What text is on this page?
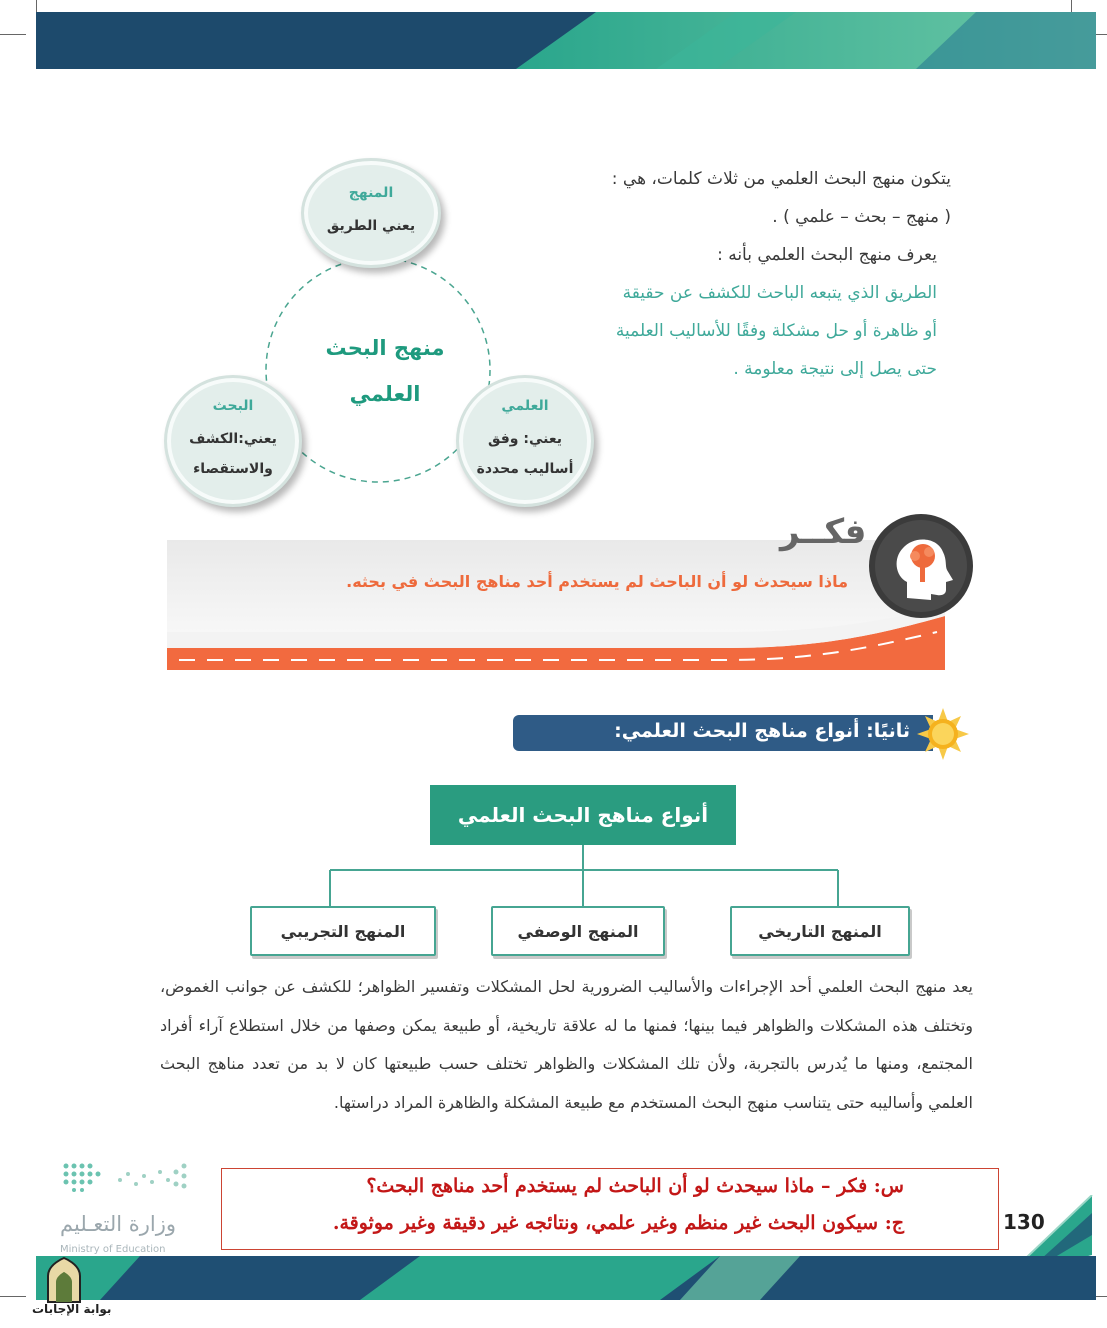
يتكون منهج البحث العلمي من ثلاث كلمات، هي :
( منهج – بحث – علمي ) .
يعرف منهج البحث العلمي بأنه :
الطريق الذي يتبعه الباحث للكشف عن حقيقة
أو ظاهرة أو حل مشكلة وفقًا للأساليب العلمية
حتى يصل إلى نتيجة معلومة .
منهج البحث
العلمي
المنهج
يعني الطريق
البحث
يعني:الكشف
والاستقصاء
العلمي
يعني: وفق
أساليب محددة
فكــر
ماذا سيحدث لو أن الباحث لم يستخدم أحد مناهج البحث في بحثه.
ثانيًا: أنواع مناهج البحث العلمي:
أنواع مناهج البحث العلمي
المنهج التاريخي
المنهج الوصفي
المنهج التجريبي
يعد منهج البحث العلمي أحد الإجراءات والأساليب الضرورية لحل المشكلات وتفسير الظواهر؛ للكشف عن جوانب الغموض، وتختلف هذه المشكلات والظواهر فيما بينها؛ فمنها ما له علاقة تاريخية، أو طبيعة يمكن وصفها من خلال استطلاع آراء أفراد المجتمع، ومنها ما يُدرس بالتجربة، ولأن تلك المشكلات والظواهر تختلف حسب طبيعتها كان لا بد من تعدد مناهج البحث العلمي وأساليبه حتى يتناسب منهج البحث المستخدم مع طبيعة المشكلة والظاهرة المراد دراستها.
س: فكر – ماذا سيحدث لو أن الباحث لم يستخدم أحد مناهج البحث؟
ج: سيكون البحث غير منظم وغير علمي، ونتائجه غير دقيقة وغير موثوقة.
وزارة التعـليم
Ministry of Education
130
بوابة الإجابات
